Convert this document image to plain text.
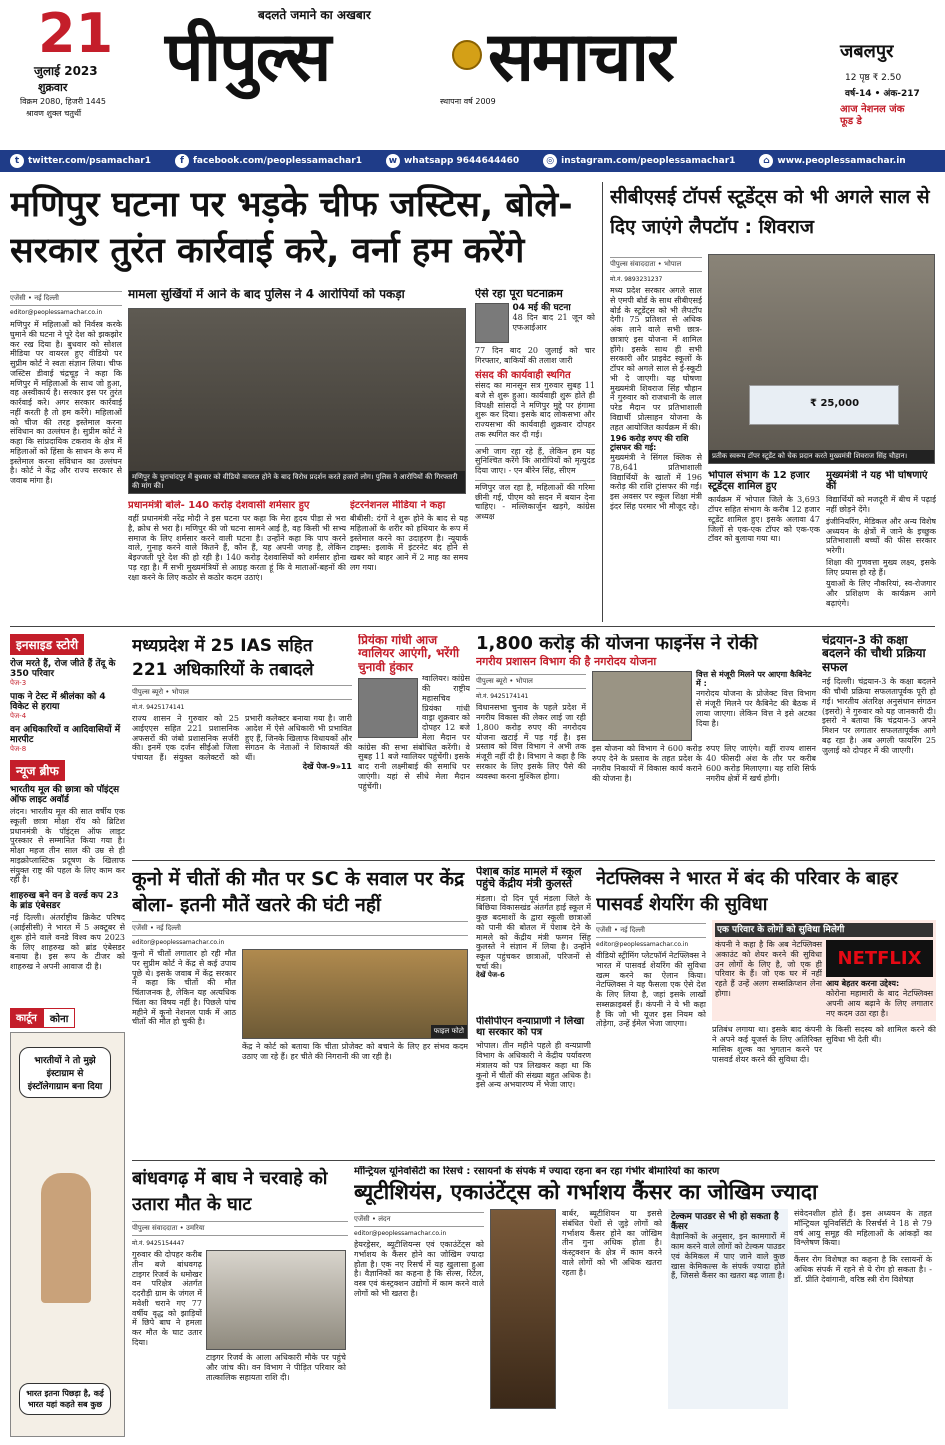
21
जुलाई 2023
शुक्रवार
विक्रम 2080, हिजरी 1445
श्रावण शुक्ल चतुर्थी
बदलते जमाने का अखबार
पीपुल्स समाचार
स्थापना वर्ष 2009
जबलपुर
12 पृष्ठ ₹ 2.50
वर्ष-14 • अंक-217
आज नेशनल जंक फूड डे
t twitter.com/psamachar1	f	facebook.com/peoplessamachar1	w whatsapp 9644644460	◎ instagram.com/peoplessamachar1	⌂ www.peoplessamachar.in
मणिपुर घटना पर भड़के चीफ जस्टिस, बोले- सरकार तुरंत कार्रवाई करे, वर्ना हम करेंगे
एजेंसी • नई दिल्ली
editor@peoplessamachar.co.in
मणिपुर में महिलाओं को निर्वस्त्र करके घुमाने की घटना ने पूरे देश को झकझोर कर रख दिया है। बुधवार को सोशल मीडिया पर वायरल हुए वीडियो पर सुप्रीम कोर्ट ने स्वतः संज्ञान लिया। चीफ जस्टिस डीवाई चंद्रचूड़ ने कहा कि मणिपुर में महिलाओं के साथ जो हुआ, वह अस्वीकार्य है। सरकार इस पर तुरंत कार्रवाई करे। अगर सरकार कार्रवाई नहीं करती है तो हम करेंगे। महिलाओं को चीज की तरह इस्तेमाल करना संविधान का उल्लंघन है। सुप्रीम कोर्ट ने कहा कि सांप्रदायिक टकराव के क्षेत्र में महिलाओं को हिंसा के साधन के रूप में इस्तेमाल करना संविधान का उल्लंघन है। कोर्ट ने केंद्र और राज्य सरकार से जवाब मांगा है।
मामला सुर्खियों में आने के बाद पुलिस ने 4 आरोपियों को पकड़ा
मणिपुर के चुराचांदपुर में बुधवार को वीडियो वायरल होने के बाद विरोध प्रदर्शन करते हजारों लोग। पुलिस ने आरोपियों की गिरफ्तारी की मांग की।
प्रधानमंत्री बोले- 140 करोड़ देशवासी शर्मसार हुए
वहीं प्रधानमंत्री नरेंद्र मोदी ने इस घटना पर कहा कि मेरा हृदय पीड़ा से भरा है, क्रोध से भरा है। मणिपुर की जो घटना सामने आई है, वह किसी भी सभ्य समाज के लिए शर्मसार करने वाली घटना है। उन्होंने कहा कि पाप करने वाले, गुनाह करने वाले कितने हैं, कौन हैं, यह अपनी जगह है, लेकिन बेइज्जती पूरे देश की हो रही है। 140 करोड़ देशवासियों को शर्मसार होना पड़ रहा है। मैं सभी मुख्यमंत्रियों से आग्रह करता हूं कि वे माताओं-बहनों की रक्षा करने के लिए कठोर से कठोर कदम उठाएं।
इंटरनेशनल मीडिया ने कहा
बीबीसी: दंगों ने शुरू होने के बाद से यह महिलाओं के शरीर को हथियार के रूप में इस्तेमाल करने का उदाहरण है। न्यूयार्क टाइम्स: इलाके में इंटरनेट बंद होने से खबर को बाहर आने में 2 माह का समय लग गया।
ऐसे रहा पूरा घटनाक्रम
04 मई की घटना
48 दिन बाद 21 जून को एफआईआर
77 दिन बाद 20 जुलाई को चार गिरफ्तार, बाकियों की तलाश जारी
संसद की कार्यवाही स्थगित
संसद का मानसून सत्र गुरुवार सुबह 11 बजे से शुरू हुआ। कार्यवाही शुरू होते ही विपक्षी सांसदों ने मणिपुर मुद्दे पर हंगामा शुरू कर दिया। इसके बाद लोकसभा और राज्यसभा की कार्यवाही शुक्रवार दोपहर तक स्थगित कर दी गई।
अभी जाग रहा रहे हैं, लेकिन हम यह सुनिश्चित करेंगे कि आरोपियों को मृत्युदंड दिया जाए। - एन बीरेन सिंह, सीएम
मणिपुर जल रहा है, महिलाओं की गरिमा छीनी गई, पीएम को सदन में बयान देना चाहिए। - मल्लिकार्जुन खड़गे, कांग्रेस अध्यक्ष
सीबीएसई टॉपर्स स्टूडेंट्स को भी अगले साल से दिए जाएंगे लैपटॉप : शिवराज
पीपुल्स संवाददाता • भोपाल
मो.नं. 9893231237
मध्य प्रदेश सरकार अगले साल से एमपी बोर्ड के साथ सीबीएसई बोर्ड के स्टूडेंट्स को भी लैपटॉप देगी। 75 प्रतिशत से अधिक अंक लाने वाले सभी छात्र-छात्राएं इस योजना में शामिल होंगे। इसके साथ ही सभी सरकारी और प्राइवेट स्कूलों के टॉपर को अगले साल से ई-स्कूटी भी दे जाएगी। यह घोषणा मुख्यमंत्री शिवराज सिंह चौहान ने गुरुवार को राजधानी के लाल परेड मैदान पर प्रतिभाशाली विद्यार्थी प्रोत्साहन योजना के तहत आयोजित कार्यक्रम में की।
196 करोड़ रुपए की राशि ट्रांसफर की गई:
मुख्यमंत्री ने सिंगल क्लिक से 78,641 प्रतिभाशाली विद्यार्थियों के खातों में 196 करोड़ की राशि ट्रांसफर की गई। इस अवसर पर स्कूल शिक्षा मंत्री इंदर सिंह परमार भी मौजूद रहे।
₹ 25,000
प्रतीक स्वरूप टॉपर स्टूडेंट को चेक प्रदान करते मुख्यमंत्री शिवराज सिंह चौहान।
भोपाल संभाग के 12 हजार स्टूडेंट्स शामिल हुए
कार्यक्रम में भोपाल जिले के 3,693 टॉपर सहित संभाग के करीब 12 हजार स्टूडेंट शामिल हुए। इसके अलावा 47 जिलों से एक-एक टॉपर को एक-एक टॉवर को बुलाया गया था।
मुख्यमंत्री ने यह भी घोषणाएं कीं
विद्यार्थियों को मजदूरी में बीच में पढ़ाई नहीं छोड़ने देंगे।
इंजीनियरिंग, मेडिकल और अन्य विशेष अध्ययन के क्षेत्रों में जाने के इच्छुक प्रतिभाशाली बच्चों की फीस सरकार भरेगी।
शिक्षा की गुणवत्ता मुख्य लक्ष्य, इसके लिए प्रयास हो रहे हैं।
युवाओं के लिए नौकरियां, स्व-रोजगार और प्रशिक्षण के कार्यक्रम आगे बढ़ाएंगे।
इनसाइड स्टोरी
रोज मरते हैं, रोज जीते हैं तेंदू के 350 परिवार
पेज-3
पाक ने टेस्ट में श्रीलंका को 4 विकेट से हराया
पेज-4
वन अधिकारियों व आदिवासियों में मारपीट
पेज-8
न्यूज ब्रीफ
भारतीय मूल की छात्रा को पॉइंट्स ऑफ लाइट अवॉर्ड
लंदन। भारतीय मूल की सात वर्षीय एक स्कूली छात्रा मोक्षा रॉय को ब्रिटिश प्रधानमंत्री के पॉइंट्स ऑफ लाइट पुरस्कार से सम्मानित किया गया है। मोक्षा महज तीन साल की उम्र से ही माइक्रोप्लास्टिक प्रदूषण के खिलाफ संयुक्त राष्ट्र की पहल के लिए काम कर रही है।
शाहरुख बने वन डे वर्ल्ड कप 23 के ब्रांड एंबेसडर
नई दिल्ली। अंतर्राष्ट्रीय क्रिकेट परिषद (आईसीसी) ने भारत में 5 अक्टूबर से शुरू होने वाले वनडे विश्व कप 2023 के लिए शाहरुख को ब्रांड एंबेसडर बनाया है। इस रूप के टीजर को शाहरुख ने अपनी आवाज दी है।
मध्यप्रदेश में 25 IAS सहित 221 अधिकारियों के तबादले
पीपुल्स ब्यूरो • भोपाल
मो.नं. 9425174141
राज्य शासन ने गुरुवार को 25 आईएएस सहित 221 प्रशासनिक अफसरों की जंबो प्रशासनिक सर्जरी की। इनमें एक दर्जन सीईओ जिला पंचायत हैं। संयुक्त कलेक्टरों को प्रभारी कलेक्टर बनाया गया है। जारी आदेश में ऐसे अधिकारी भी प्रभावित हुए हैं, जिनके खिलाफ विधायकों और संगठन के नेताओं ने शिकायतें की थीं।
देखें पेज-9»11
प्रियंका गांधी आज ग्वालियर आएंगी, भरेंगी चुनावी हुंकार
ग्वालियर। कांग्रेस की राष्ट्रीय महासचिव प्रियंका गांधी वाड्रा शुक्रवार को दोपहर 12 बजे मेला मैदान पर कांग्रेस की सभा संबोधित करेंगी। वे सुबह 11 बजे ग्वालियर पहुंचेंगी। इसके बाद रानी लक्ष्मीबाई की समाधि पर जाएंगी। यहां से सीधे मेला मैदान पहुंचेंगी।
1,800 करोड़ की योजना फाइनेंस ने रोकी
नगरीय प्रशासन विभाग की है नगरोदय योजना
पीपुल्स ब्यूरो • भोपाल
मो.नं. 9425174141
विधानसभा चुनाव के पहले प्रदेश में नगरीय विकास की लेकर लाई जा रही 1,800 करोड़ रुपए की नगरोदय योजना खटाई में पड़ गई है। इस प्रस्ताव को वित्त विभाग ने अभी तक मंजूरी नहीं दी है। विभाग ने कहा है कि सरकार के लिए इसके लिए पैसे की व्यवस्था करना मुश्किल होगा।
वित्त से मंजूरी मिलने पर आएगा कैबिनेट में :
नगरोदय योजना के प्रोजेक्ट वित्त विभाग से मंजूरी मिलने पर कैबिनेट की बैठक में लाया जाएगा। लेकिन वित्त ने इसे अटका दिया है।
इस योजना को विभाग ने 600 करोड़ रुपए देने के प्रस्ताव के तहत प्रदेश के नगरीय निकायों में विकास कार्य कराने की योजना है।
रुपए लिए जाएंगे। वहीं राज्य शासन 40 फीसदी अंश के तौर पर करीब 600 करोड़ मिलाएगा। यह राशि सिर्फ नगरीय क्षेत्रों में खर्च होगी।
चंद्रयान-3 की कक्षा बदलने की चौथी प्रक्रिया सफल
नई दिल्ली। चंद्रयान-3 के कक्षा बदलने की चौथी प्रक्रिया सफलतापूर्वक पूरी हो गई। भारतीय अंतरिक्ष अनुसंधान संगठन (इसरो) ने गुरुवार को यह जानकारी दी। इसरो ने बताया कि चंद्रयान-3 अपने मिशन पर लगातार सफलतापूर्वक आगे बढ़ रहा है। अब अगली फायरिंग 25 जुलाई को दोपहर में की जाएगी।
कूनो में चीतों की मौत पर SC के सवाल पर केंद्र बोला- इतनी मौतें खतरे की घंटी नहीं
एजेंसी • नई दिल्ली
editor@peoplessamachar.co.in
कूनो में चीतों लगातार हो रही मौत पर सुप्रीम कोर्ट ने केंद्र से कई उपाय पूछे थे। इसके जवाब में केंद्र सरकार ने कहा कि चीतों की मौत चिंताजनक है, लेकिन यह अत्यधिक चिंता का विषय नहीं है। पिछले पांच महीने में कूनो नेशनल पार्क में आठ चीतों की मौत हो चुकी है।
फाइल फोटो
केंद्र ने कोर्ट को बताया कि चीता प्रोजेक्ट को बचाने के लिए हर संभव कदम उठाए जा रहे हैं। हर चीते की निगरानी की जा रही है।
पेशाब कांड मामले में स्कूल पहुंचे केंद्रीय मंत्री कुलस्ते
मंडला। दो दिन पूर्व मंडला जिले के बिछिया विकासखंड अंतर्गत हाई स्कूल में कुछ बदमाशों के द्वारा स्कूली छात्राओं को पानी की बोतल में पेशाब देने के मामले को केंद्रीय मंत्री फग्गन सिंह कुलस्ते ने संज्ञान में लिया है। उन्होंने स्कूल पहुंचकर छात्राओं, परिजनों से चर्चा की।
देखें पेज-6
पीसीपीएन वन्याप्राणी ने लिखा था सरकार को पत्र
भोपाल। तीन महीने पहले ही वन्यप्राणी विभाग के अधिकारी ने केंद्रीय पर्यावरण मंत्रालय को पत्र लिखकर कहा था कि कूनो में चीतों की संख्या बहुत अधिक है। इसे अन्य अभयारण्य में भेजा जाए।
नेटफ्लिक्स ने भारत में बंद की परिवार के बाहर पासवर्ड शेयरिंग की सुविधा
एजेंसी • नई दिल्ली
editor@peoplessamachar.co.in
वीडियो स्ट्रीमिंग प्लेटफॉर्म नेटफ्लिक्स ने भारत में पासवर्ड शेयरिंग की सुविधा खत्म करने का ऐलान किया। नेटफ्लिक्स ने यह फैसला एक ऐसे देश के लिए लिया है, जहां इसके लाखों सब्सक्राइबर्स हैं। कंपनी ने ये भी कहा है कि जो भी यूजर इस नियम को तोड़ेगा, उन्हें ईमेल भेजा जाएगा।
एक परिवार के लोगों को सुविधा मिलेगी
कंपनी ने कहा है कि अब नेटफ्लिक्स अकाउंट को शेयर करने की सुविधा उन लोगों के लिए है, जो एक ही परिवार के हैं। जो एक घर में नहीं रहते हैं उन्हें अलग सब्सक्रिप्शन लेना होगा।
NETFLIX
आय बेहतर करना उद्देश्य:
कोरोना महामारी के बाद नेटफ्लिक्स अपनी आय बढ़ाने के लिए लगातार नए कदम उठा रहा है।
प्रतिबंध लगाया था। इसके बाद कंपनी ने अपने कई यूजर्स के लिए अतिरिक्त मासिक शुल्क का भुगतान करने पर पासवर्ड शेयर करने की सुविधा दी।
के किसी सदस्य को शामिल करने की सुविधा भी देती थी।
कार्टून	कोना
भारतीयों ने तो मुझे इंस्टाग्राम से इंस्टॉलेगाग्राम बना दिया
भारत इतना पिछड़ा है, कई भारत यहां कहते सब कुछ
बांधवगढ़ में बाघ ने चरवाहे को उतारा मौत के घाट
पीपुल्स संवाददाता • उमरिया
मो.नं. 9425154447
गुरुवार की दोपहर करीब तीन बजे बांधवगढ़ टाइगर रिजर्व के धमोखर वन परिक्षेत्र अंतर्गत ददरौड़ी ग्राम के जंगल में मवेशी चराने गए 77 वर्षीय वृद्ध को झाड़ियों में छिपे बाघ ने हमला कर मौत के घाट उतार दिया।
टाइगर रिजर्व के आला अधिकारी मौके पर पहुंचे और जांच की। वन विभाग ने पीड़ित परिवार को तात्कालिक सहायता राशि दी।
मॉन्ट्रियल यूनिवर्सिटी का रिसर्च : रसायनों के संपर्क में ज्यादा रहना बन रहा गंभीर बीमारियों का कारण
ब्यूटीशियंस, एकाउंटेंट्स को गर्भाशय कैंसर का जोखिम ज्यादा
एजेंसी • लंदन
editor@peoplessamachar.co.in
हेयरड्रेसर, ब्यूटीशियन्स एवं एकाउंटेंट्स को गर्भाशय के कैंसर होने का जोखिम ज्यादा होता है। एक नए रिसर्च में यह खुलासा हुआ है। वैज्ञानिकों का कहना है कि सेल्स, रिटेल, वस्त्र एवं कंस्ट्रक्शन उद्योगों में काम करने वाले लोगों को भी खतरा है।
बार्बर, ब्यूटीशियन या इससे संबंधित पेशों से जुड़े लोगों को गर्भाशय कैंसर होने का जोखिम तीन गुना अधिक होता है। कंस्ट्रक्शन के क्षेत्र में काम करने वाले लोगों को भी अधिक खतरा रहता है।
टेल्कम पाउडर से भी हो सकता है कैंसर
वैज्ञानिकों के अनुसार, इन कामगारों में काम करने वाले लोगों को टेल्कम पाउडर एवं केमिकल में पाए जाने वाले कुछ खास केमिकल्स के संपर्क ज्यादा होते हैं, जिससे कैंसर का खतरा बढ़ जाता है।
संवेदनशील होते हैं। इस अध्ययन के तहत मॉन्ट्रियल यूनिवर्सिटी के रिसर्चर्स ने 18 से 79 वर्ष आयु समूह की महिलाओं के आंकड़ों का विश्लेषण किया।
कैंसर रोग विशेषज्ञ का कहना है कि रसायनों के अधिक संपर्क में रहने से ये रोग हो सकता है। - डॉ. प्रीति देवांगानी, वरिष्ठ स्त्री रोग विशेषज्ञ
